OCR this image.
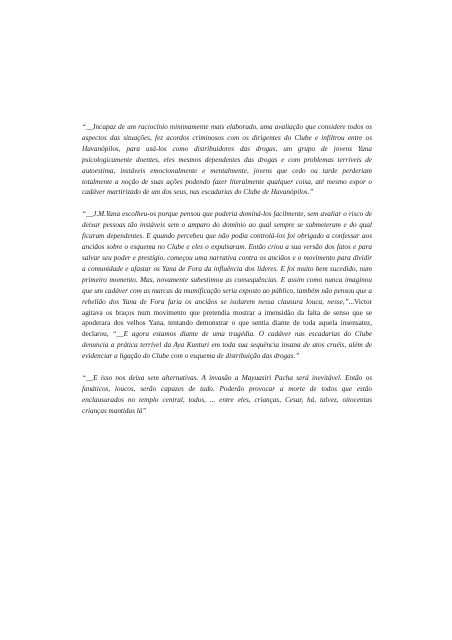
“__Incapaz de um raciocínio minimamente mais elaborado, uma avaliação que considere todos os aspectos das situações, fez acordos criminosos com os dirigentes do Clube e infiltrou entre os Havanópilos, para usá-los como distribuidores das drogas, um grupo de jovens Yana psicologicamente doentes, eles mesmos dependentes das drogas e com problemas terríveis de autoestima, instáveis emocionalmente e mentalmente, jovens que cedo ou tarde perderiam totalmente a noção de suas ações podendo fazer literalmente qualquer coisa, até mesmo expor o cadáver martirizado de um dos seus, nas escadarias do Clube de Havanópilos.”

“__J.M.Yana escolheu-os porque pensou que poderia dominá-los facilmente, sem avaliar o risco de deixar pessoas tão instáveis sem o amparo do domínio ao qual sempre se submeteram e do qual ficaram dependentes. E quando percebeu que não podia controlá-los foi obrigado a confessar aos anciãos sobre o esquema no Clube e eles o expulsaram. Então criou a sua versão dos fatos e para salvar seu poder e prestígio, começou uma narrativa contra os anciãos e o movimento para dividir a comunidade e afastar os Yana de Fora da influência dos líderes. E foi muito bem sucedido, num primeiro momento. Mas, novamente subestimou as consequências. E assim como nunca imaginou que um cadáver com as marcas da mumificação seria exposto ao público, também não pensou que a rebelião dos Yana de Fora faria os anciãos se isolarem nessa clausura louca, nesse,”...Victor agitava os braços num movimento que pretendia mostrar a imensidão da falta de senso que se apoderara dos velhos Yana, tentando demonstrar o que sentia diante de toda aquela insensatez, declarou, “__E agora estamos diante de uma tragédia. O cadáver nas escadarias do Clube denuncia a prática terrível da Aya Kunturi em toda sua sequência insana de atos cruéis, além de evidenciar a ligação do Clube com o esquema de distribuição das drogas.”

“__E isso nos deixa sem alternativas. A invasão a Mayuasiri Pacha será inevitável. Então os fanáticos, loucos, serão capazes de tudo. Poderão provocar a morte de todos que estão enclausurados no templo central, todos, ... entre eles, crianças, Cesar, há, talvez, oitocentas crianças mantidas lá”
